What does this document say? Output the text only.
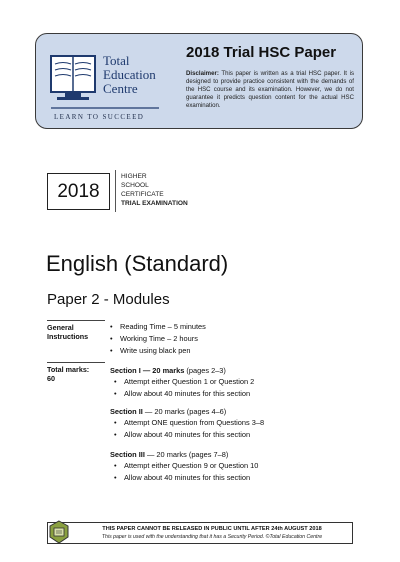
Total
Education
Centre
LEARN TO SUCCEED
2018 Trial HSC Paper
Disclaimer: This paper is written as a trial HSC paper. It is designed to provide practice consistent with the demands of the HSC course and its examination. However, we do not guarantee it predicts question content for the actual HSC examination.
2018
HIGHER
SCHOOL
CERTIFICATE
TRIAL EXAMINATION
English (Standard)
Paper 2 - Modules
General
Instructions
• Reading Time – 5 minutes
• Working Time – 2 hours
• Write using black pen
Total marks:
60
Section I — 20 marks (pages 2–3)
• Attempt either Question 1 or Question 2
• Allow about 40 minutes for this section
Section II — 20 marks (pages 4–6)
• Attempt ONE question from Questions 3–8
• Allow about 40 minutes for this section
Section III — 20 marks (pages 7–8)
• Attempt either Question 9 or Question 10
• Allow about 40 minutes for this section
THIS PAPER CANNOT BE RELEASED IN PUBLIC UNTIL AFTER 24th AUGUST 2018
This paper is used with the understanding that it has a Security Period. ©Total Education Centre
